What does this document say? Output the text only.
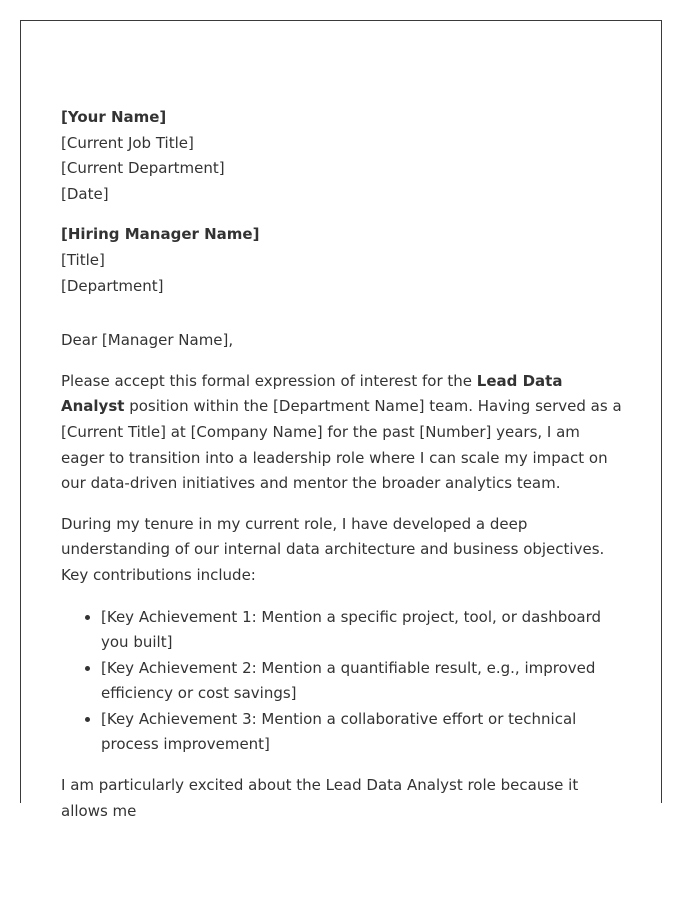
[Your Name]
[Current Job Title]
[Current Department]
[Date]
[Hiring Manager Name]
[Title]
[Department]
Dear [Manager Name],

Please accept this formal expression of interest for the Lead Data Analyst position within the [Department Name] team. Having served as a [Current Title] at [Company Name] for the past [Number] years, I am eager to transition into a leadership role where I can scale my impact on our data-driven initiatives and mentor the broader analytics team.

During my tenure in my current role, I have developed a deep understanding of our internal data architecture and business objectives. Key contributions include:

• [Key Achievement 1: Mention a specific project, tool, or dashboard you built]
• [Key Achievement 2: Mention a quantifiable result, e.g., improved efficiency or cost savings]
• [Key Achievement 3: Mention a collaborative effort or technical process improvement]

I am particularly excited about the Lead Data Analyst role because it allows me
